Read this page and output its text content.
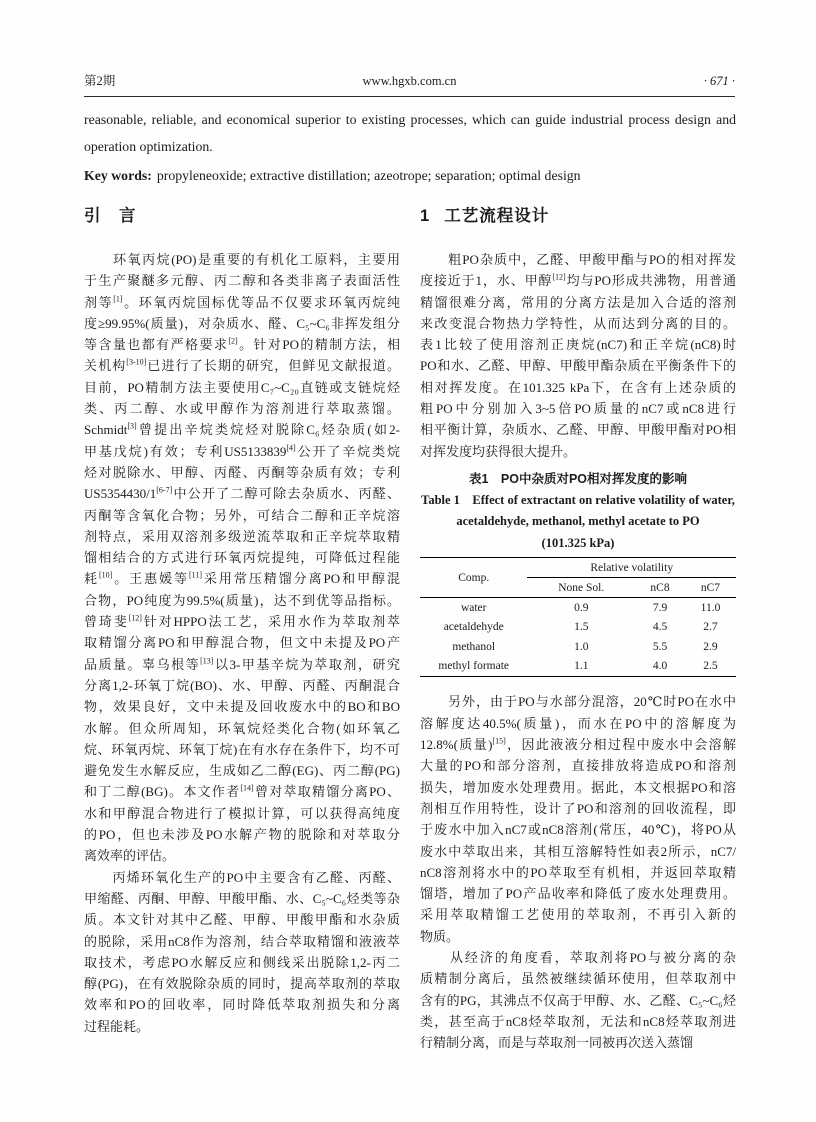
第2期	www.hgxb.com.cn	· 671 ·
reasonable, reliable, and economical superior to existing processes, which can guide industrial process design and
operation optimization.
Key words: propyleneoxide; extractive distillation; azeotrope; separation; optimal design
引　言
　　环氧丙烷(PO)是重要的有机化工原料，主要用
于生产聚醚多元醇、丙二醇和各类非离子表面活性
剂等[1]。环氧丙烷国标优等品不仅要求环氧丙烷纯
度≥99.95%(质量)，对杂质水、醛、C₅~C₆非挥发组分
等含量也都有严格要求[2]。针对PO的精制方法，相
关机构[3-10]已进行了长期的研究，但鲜见文献报道。
目前，PO精制方法主要使用C₇~C₂₀直链或支链烷烃
类、丙二醇、水或甲醇作为溶剂进行萃取蒸馏。
Schmidt[3]曾提出辛烷类烷烃对脱除C₆烃杂质(如2-
甲基戊烷)有效；专利US5133839[4]公开了辛烷类烷
烃对脱除水、甲醇、丙醛、丙酮等杂质有效；专利
US5354430/1[6-7]中公开了二醇可除去杂质水、丙醛、
丙酮等含氧化合物；另外，可结合二醇和正辛烷溶
剂特点，采用双溶剂多级逆流萃取和正辛烷萃取精
馏相结合的方式进行环氧丙烷提纯，可降低过程能
耗[10]。王惠媛等[11]采用常压精馏分离PO和甲醇混
合物，PO纯度为99.5%(质量)，达不到优等品指标。
曾琦斐[12]针对HPPO法工艺，采用水作为萃取剂萃
取精馏分离PO和甲醇混合物，但文中未提及PO产
品质量。辜乌根等[13]以3-甲基辛烷为萃取剂，研究
分离1,2-环氧丁烷(BO)、水、甲醇、丙醛、丙酮混合
物，效果良好，文中未提及回收废水中的BO和BO
水解。但众所周知，环氧烷烃类化合物(如环氧乙
烷、环氧丙烷、环氧丁烷)在有水存在条件下，均不可
避免发生水解反应，生成如乙二醇(EG)、丙二醇(PG)
和丁二醇(BG)。本文作者[14]曾对萃取精馏分离PO、
水和甲醇混合物进行了模拟计算，可以获得高纯度
的PO，但也未涉及PO水解产物的脱除和对萃取分
离效率的评估。
　　丙烯环氧化生产的PO中主要含有乙醛、丙醛、
甲缩醛、丙酮、甲醇、甲酸甲酯、水、C₅~C₆烃类等杂
质。本文针对其中乙醛、甲醇、甲酸甲酯和水杂质
的脱除，采用nC8作为溶剂，结合萃取精馏和液液萃
取技术，考虑PO水解反应和侧线采出脱除1,2-丙二
醇(PG)，在有效脱除杂质的同时，提高萃取剂的萃取
效率和PO的回收率，同时降低萃取剂损失和分离
过程能耗。
1 工艺流程设计
　　粗PO杂质中，乙醛、甲酸甲酯与PO的相对挥发
度接近于1，水、甲醇[12]均与PO形成共沸物，用普通
精馏很难分离，常用的分离方法是加入合适的溶剂
来改变混合物热力学特性，从而达到分离的目的。
表1比较了使用溶剂正庚烷(nC7)和正辛烷(nC8)时
PO和水、乙醛、甲醇、甲酸甲酯杂质在平衡条件下的
相对挥发度。在101.325 kPa下，在含有上述杂质的
粗PO中分别加入3~5倍PO质量的nC7或nC8进行
相平衡计算，杂质水、乙醛、甲醇、甲酸甲酯对PO相
对挥发度均获得很大提升。
表1　PO中杂质对PO相对挥发度的影响
Table 1　Effect of extractant on relative volatility of water,
acetaldehyde, methanol, methyl acetate to PO
(101.325 kPa)
Comp.	Relative volatility		
	None Sol.	nC8	nC7
water	0.9	7.9	11.0
acetaldehyde	1.5	4.5	2.7
methanol	1.0	5.5	2.9
methyl formate	1.1	4.0	2.5
　　另外，由于PO与水部分混溶，20℃时PO在水中
溶解度达40.5%(质量)，而水在PO中的溶解度为
12.8%(质量)[15]，因此液液分相过程中废水中会溶解
大量的PO和部分溶剂，直接排放将造成PO和溶剂
损失，增加废水处理费用。据此，本文根据PO和溶
剂相互作用特性，设计了PO和溶剂的回收流程，即
于废水中加入nC7或nC8溶剂(常压，40℃)，将PO从
废水中萃取出来，其相互溶解特性如表2所示，nC7/
nC8溶剂将水中的PO萃取至有机相，并返回萃取精
馏塔，增加了PO产品收率和降低了废水处理费用。
采用萃取精馏工艺使用的萃取剂，不再引入新的
物质。
　　从经济的角度看，萃取剂将PO与被分离的杂
质精制分离后，虽然被继续循环使用，但萃取剂中
含有的PG，其沸点不仅高于甲醇、水、乙醛、C₅~C₆烃
类，甚至高于nC8烃萃取剂，无法和nC8烃萃取剂进
行精制分离，而是与萃取剂一同被再次送入蒸馏
